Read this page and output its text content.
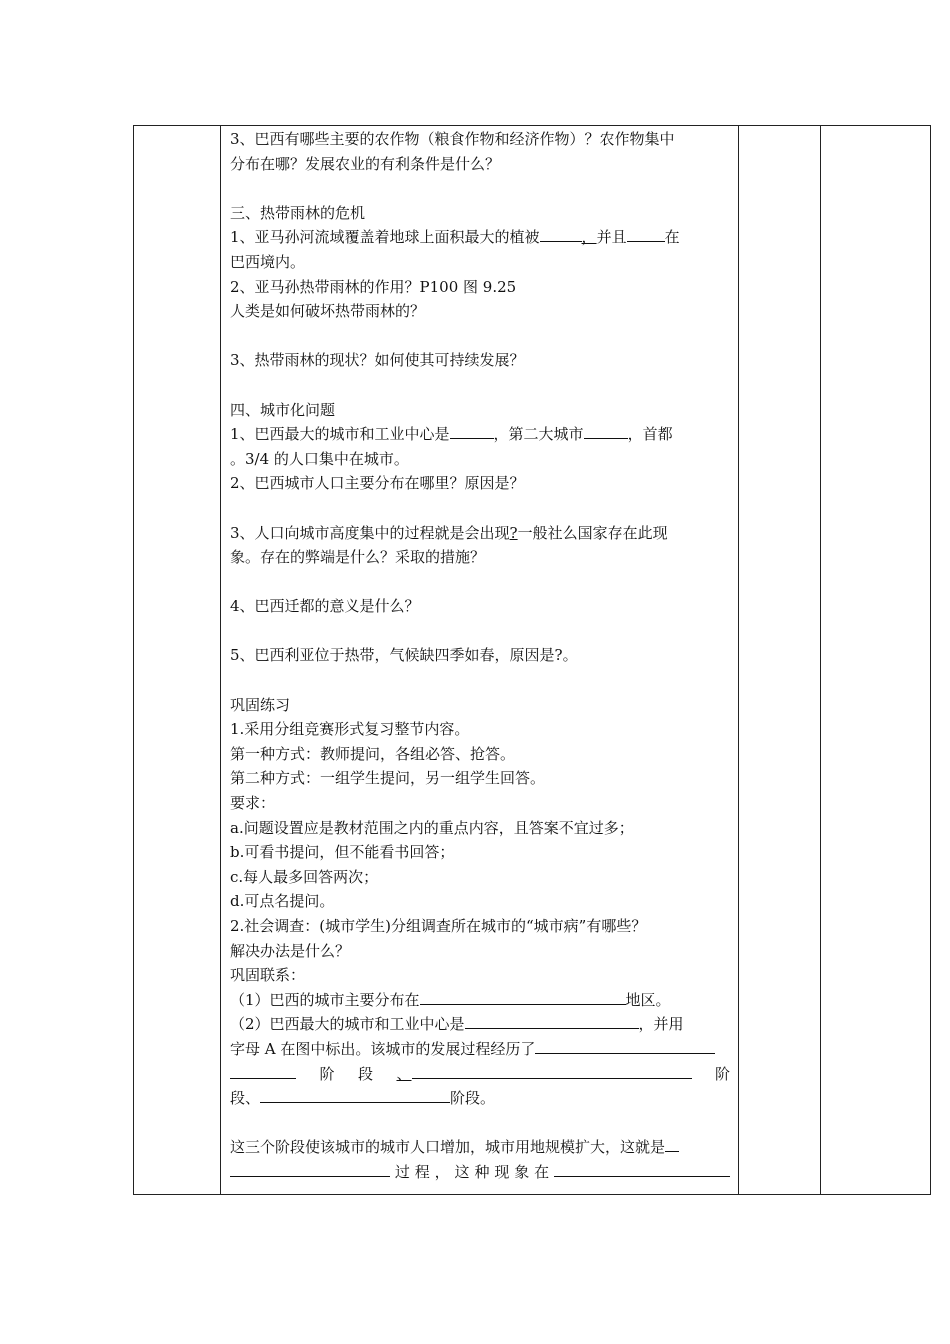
3、巴西有哪些主要的农作物（粮食作物和经济作物）？农作物集中
分布在哪？发展农业的有利条件是什么？
三、热带雨林的危机
1、亚马孙河流域覆盖着地球上面积最大的植被	，并且	在
巴西境内。
2、亚马孙热带雨林的作用？P100 图 9.25
人类是如何破坏热带雨林的？
3、热带雨林的现状？如何使其可持续发展？
四、城市化问题
1、巴西最大的城市和工业中心是	，第二大城市	，首都
。3/4 的人口集中在城市。
2、巴西城市人口主要分布在哪里？原因是？
3、人口向城市高度集中的过程就是会出现?一般社么国家存在此现
象。存在的弊端是什么？采取的措施？
4、巴西迁都的意义是什么？
5、巴西利亚位于热带，气候缺四季如春，原因是?。
巩固练习
1.采用分组竞赛形式复习整节内容。
第一种方式：教师提问，各组必答、抢答。
第二种方式：一组学生提问，另一组学生回答。
要求：
a.问题设置应是教材范围之内的重点内容，且答案不宜过多；
b.可看书提问，但不能看书回答；
c.每人最多回答两次；
d.可点名提问。
2.社会调查：(城市学生)分组调查所在城市的“城市病”有哪些？
解决办法是什么？
巩固联系：
（1）巴西的城市主要分布在	地区。
（2）巴西最大的城市和工业中心是	，并用
字母 A 在图中标出。该城市的发展过程经历了
阶 段 、	阶
段、	阶段。
这三个阶段使该城市的城市人口增加，城市用地规模扩大，这就是
过 程 ， 这 种 现 象 在
